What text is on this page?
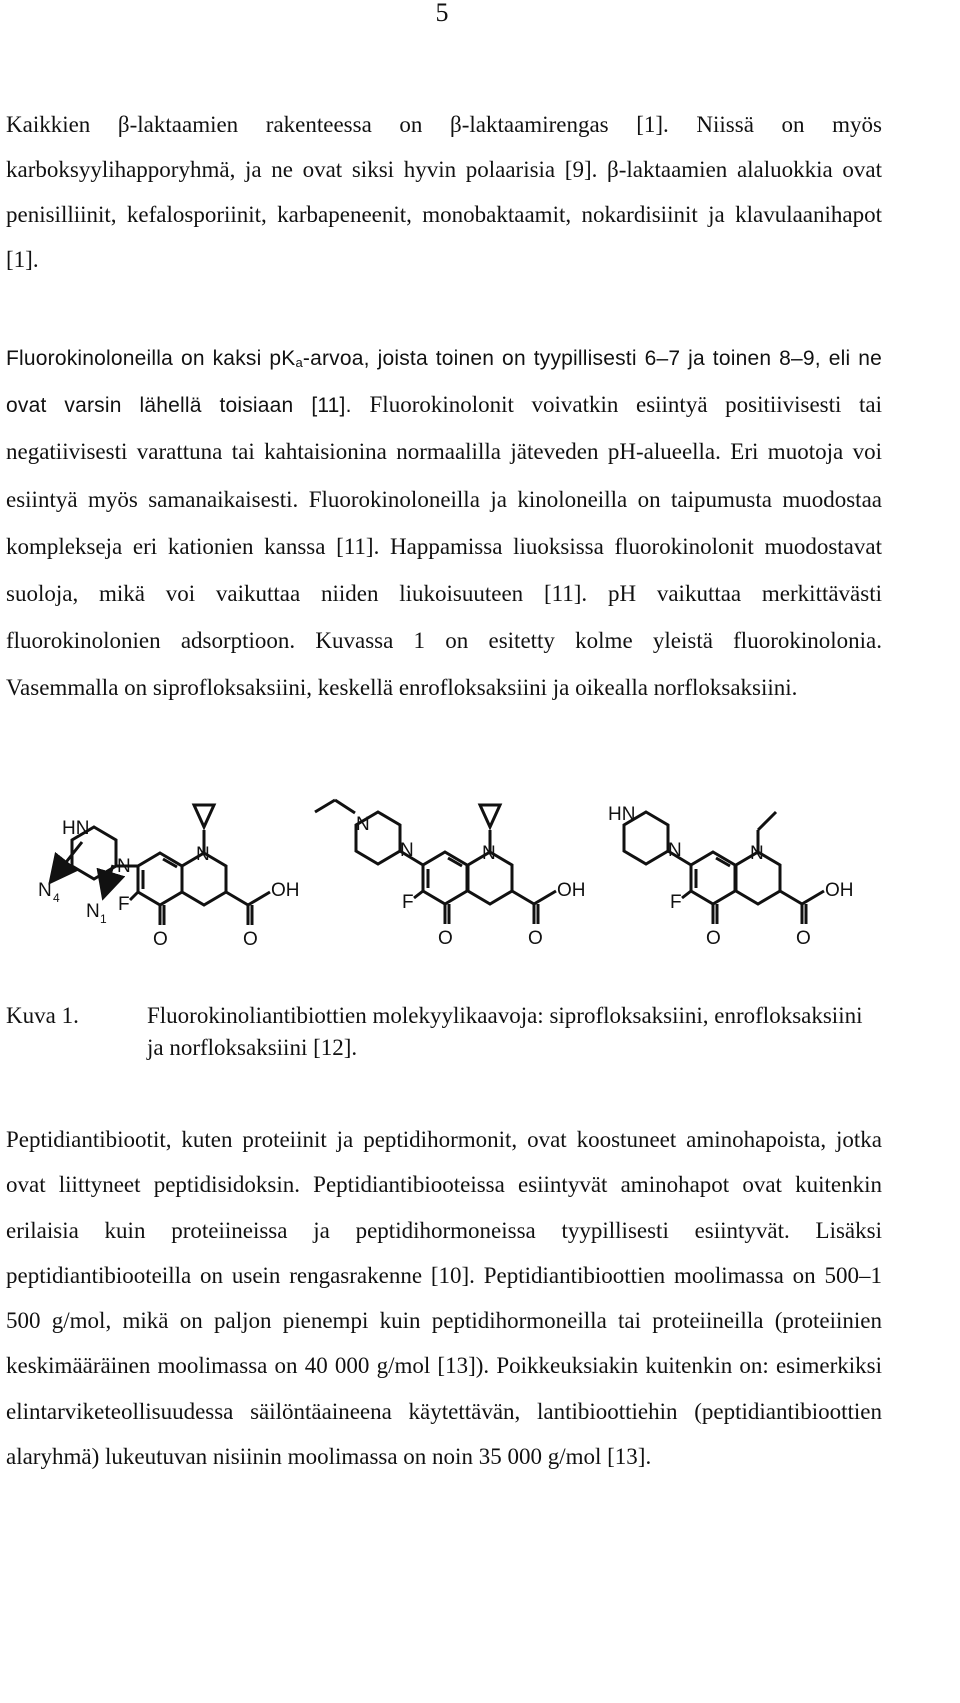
5

Kaikkien β-laktaamien rakenteessa on β-laktaamirengas [1]. Niissä on myös karboksyylihapporyhmä, ja ne ovat siksi hyvin polaarisia [9]. β-laktaamien alaluokkia ovat penisilliinit, kefalosporiinit, karbapeneenit, monobaktaamit, nokardisiinit ja klavulaanihapot [1].

Fluorokinoloneilla on kaksi $pK_a$-arvoa, joista toinen on tyypillisesti 6–7 ja toinen 8–9, eli ne ovat varsin lähellä toisiaan [11]. Fluorokinolonit voivatkin esiintyä positiivisesti tai negatiivisesti varattuna tai kahtaisionina normaalilla jäteveden pH-alueella. Eri muotoja voi esiintyä myös samanaikaisesti. Fluorokinoloneilla ja kinoloneilla on taipumusta muodostaa komplekseja eri kationien kanssa [11]. Happamissa liuoksissa fluorokinolonit muodostavat suoloja, mikä voi vaikuttaa niiden liukoisuuteen [11]. pH vaikuttaa merkittävästi fluorokinolonien adsorptioon. Kuvassa 1 on esitetty kolme yleistä fluorokinolonia. Vasemmalla on siprofloksaksiini, keskellä enrofloksaksiini ja oikealla norfloksaksiini.

HN
N
N
F
O	O
OH
N 4
N 1
N
N	N
F
O	O
OH
HN
N	N
F
O	O
OH
Kuva 1.	Fluorokinoliantibiottien molekyylikaavoja: siprofloksaksiini, enrofloksaksiini ja norfloksaksiini [12].

Peptidiantibiootit, kuten proteiinit ja peptidihormonit, ovat koostuneet aminohapoista, jotka ovat liittyneet peptidisidoksin. Peptidiantibiooteissa esiintyvät aminohapot ovat kuitenkin erilaisia kuin proteiineissa ja peptidihormoneissa tyypillisesti esiintyvät. Lisäksi peptidiantibiooteilla on usein rengasrakenne [10]. Peptidiantibioottien moolimassa on 500–1 500 g/mol, mikä on paljon pienempi kuin peptidihormoneilla tai proteiineilla (proteiinien keskimääräinen moolimassa on 40 000 g/mol [13]). Poikkeuksiakin kuitenkin on: esimerkiksi elintarviketeollisuudessa säilöntäaineena käytettävän, lantibioottiehin (peptidiantibioottien alaryhmä) lukeutuvan nisiinin moolimassa on noin 35 000 g/mol [13].
